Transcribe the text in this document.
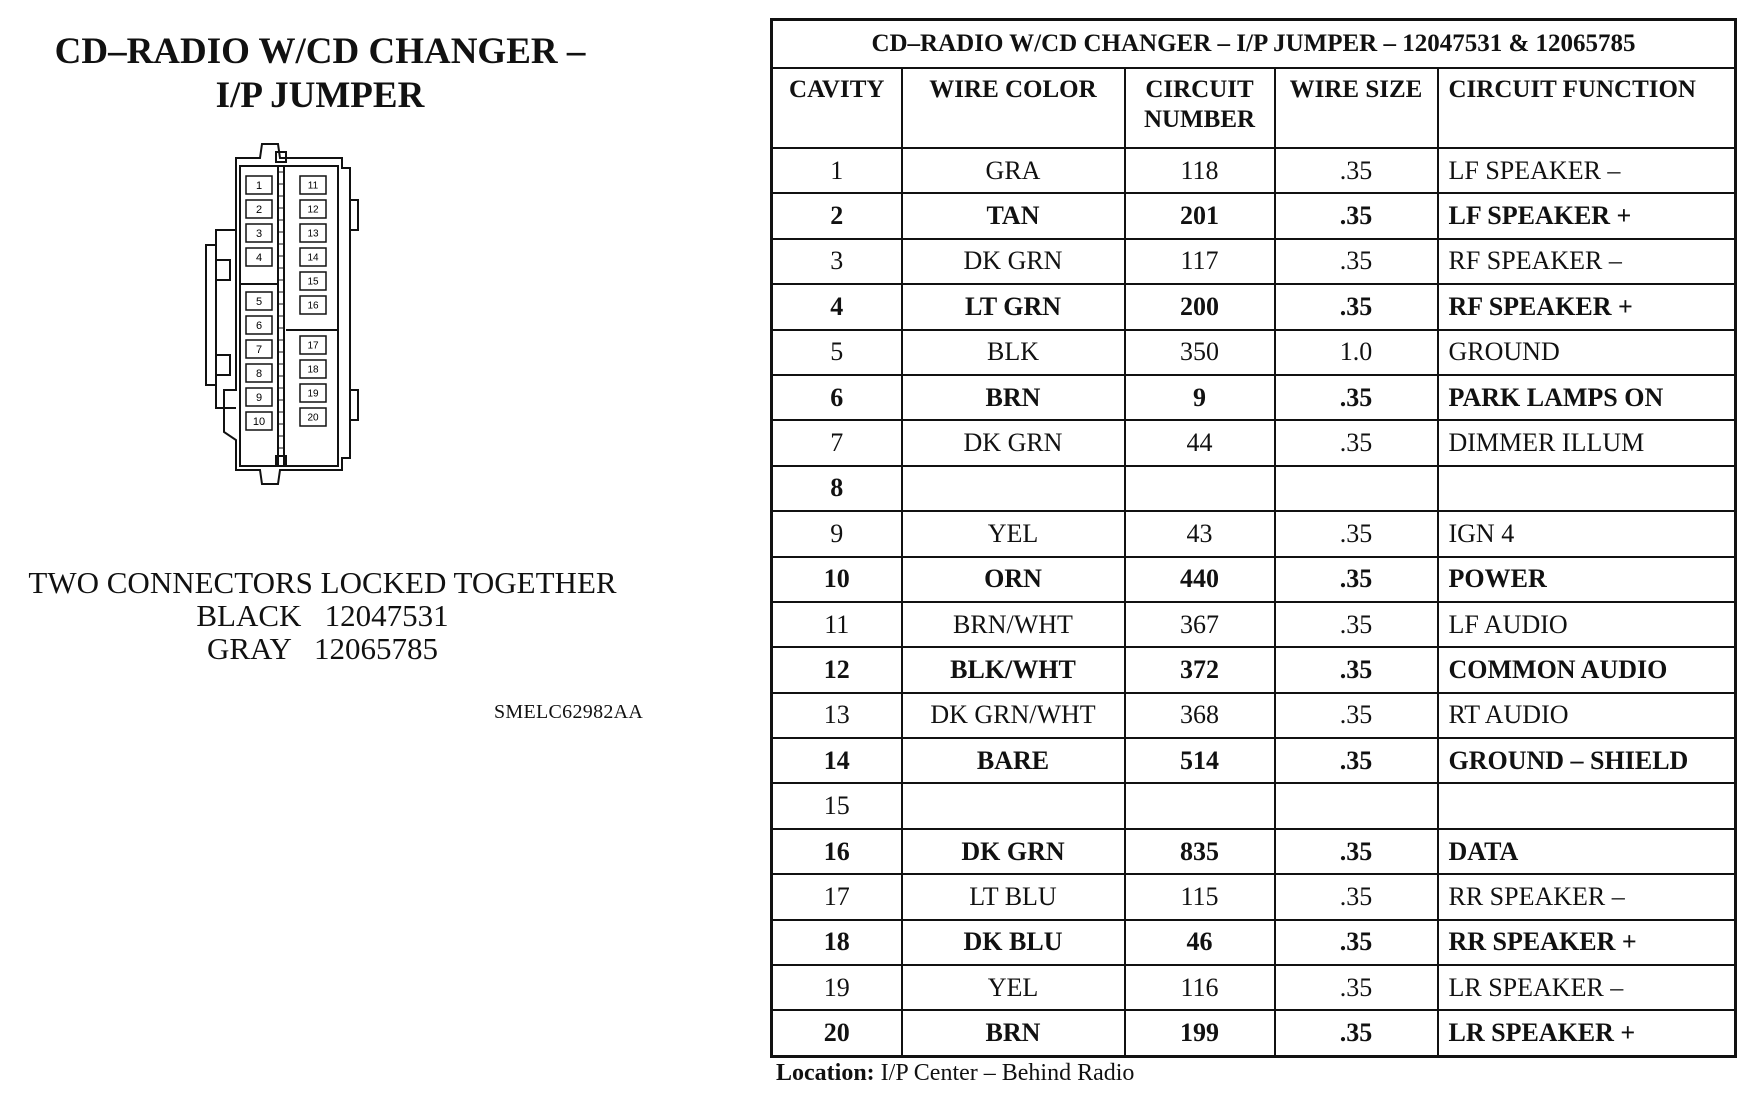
CD–RADIO W/CD CHANGER –
I/P JUMPER
1
2
3
4
5
6
7
8
9
10
11
12
13
14
15
16
17
18
19
20
TWO CONNECTORS LOCKED TOGETHER
BLACK   12047531
GRAY   12065785
SMELC62982AA
CD–RADIO W/CD CHANGER – I/P JUMPER – 12047531 & 12065785				
CAVITY	WIRE COLOR	CIRCUIT NUMBER	WIRE SIZE	CIRCUIT FUNCTION
1	GRA	118	.35	LF SPEAKER –
2	TAN	201	.35	LF SPEAKER +
3	DK GRN	117	.35	RF SPEAKER –
4	LT GRN	200	.35	RF SPEAKER +
5	BLK	350	1.0	GROUND
6	BRN	9	.35	PARK LAMPS ON
7	DK GRN	44	.35	DIMMER ILLUM
8				
9	YEL	43	.35	IGN 4
10	ORN	440	.35	POWER
11	BRN/WHT	367	.35	LF AUDIO
12	BLK/WHT	372	.35	COMMON AUDIO
13	DK GRN/WHT	368	.35	RT AUDIO
14	BARE	514	.35	GROUND – SHIELD
15				
16	DK GRN	835	.35	DATA
17	LT BLU	115	.35	RR SPEAKER –
18	DK BLU	46	.35	RR SPEAKER +
19	YEL	116	.35	LR SPEAKER –
20	BRN	199	.35	LR SPEAKER +
Location: I/P Center – Behind Radio
